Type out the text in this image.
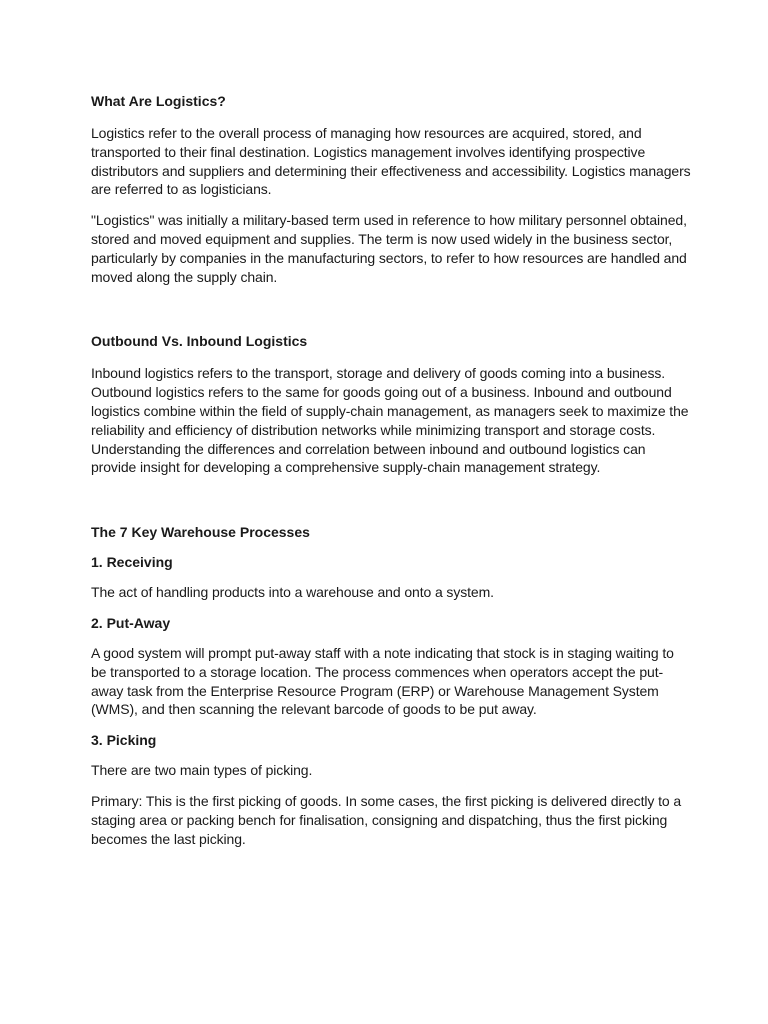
What Are Logistics?

Logistics refer to the overall process of managing how resources are acquired, stored, and transported to their final destination. Logistics management involves identifying prospective distributors and suppliers and determining their effectiveness and accessibility. Logistics managers are referred to as logisticians.

"Logistics" was initially a military-based term used in reference to how military personnel obtained, stored and moved equipment and supplies. The term is now used widely in the business sector, particularly by companies in the manufacturing sectors, to refer to how resources are handled and moved along the supply chain.

Outbound Vs. Inbound Logistics

Inbound logistics refers to the transport, storage and delivery of goods coming into a business. Outbound logistics refers to the same for goods going out of a business. Inbound and outbound logistics combine within the field of supply-chain management, as managers seek to maximize the reliability and efficiency of distribution networks while minimizing transport and storage costs. Understanding the differences and correlation between inbound and outbound logistics can provide insight for developing a comprehensive supply-chain management strategy.

The 7 Key Warehouse Processes
1. Receiving

The act of handling products into a warehouse and onto a system.

2. Put-Away

A good system will prompt put-away staff with a note indicating that stock is in staging waiting to be transported to a storage location. The process commences when operators accept the put-away task from the Enterprise Resource Program (ERP) or Warehouse Management System (WMS), and then scanning the relevant barcode of goods to be put away.

3. Picking

There are two main types of picking.

Primary: This is the first picking of goods. In some cases, the first picking is delivered directly to a staging area or packing bench for finalisation, consigning and dispatching, thus the first picking becomes the last picking.
